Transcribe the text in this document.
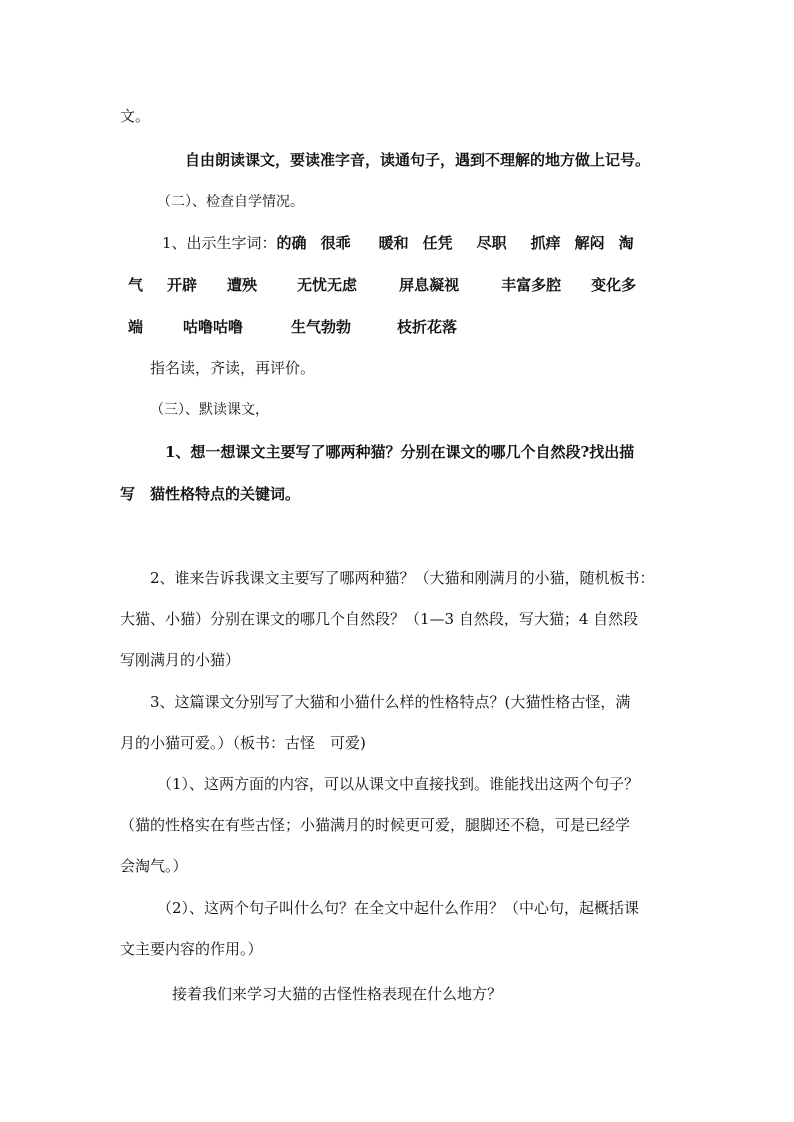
文。
自由朗读课文，要读准字音，读通句子，遇到不理解的地方做上记号。
（二）、检查自学情况。
1、出示生字词：的确 很乖 暖和 任凭 尽职 抓痒 解闷 淘
气 开辟 遭殃	无忧无虑	屏息凝视	丰富多腔 变化多
端	咕噜咕噜	生气勃勃	枝折花落
指名读，齐读，再评价。
（三）、默读课文，
1、想一想课文主要写了哪两种猫？分别在课文的哪几个自然段?找出描
写　猫性格特点的关键词。
2、谁来告诉我课文主要写了哪两种猫？（大猫和刚满月的小猫，随机板书：
大猫、小猫）分别在课文的哪几个自然段？（1—3 自然段，写大猫；4 自然段
写刚满月的小猫）
3、这篇课文分别写了大猫和小猫什么样的性格特点？(大猫性格古怪，满
月的小猫可爱。）（板书：古怪　可爱)
（1）、这两方面的内容，可以从课文中直接找到。谁能找出这两个句子？
（猫的性格实在有些古怪；小猫满月的时候更可爱，腿脚还不稳，可是已经学
会淘气。）
（2）、这两个句子叫什么句？在全文中起什么作用？（中心句，起概括课
文主要内容的作用。）
接着我们来学习大猫的古怪性格表现在什么地方？
